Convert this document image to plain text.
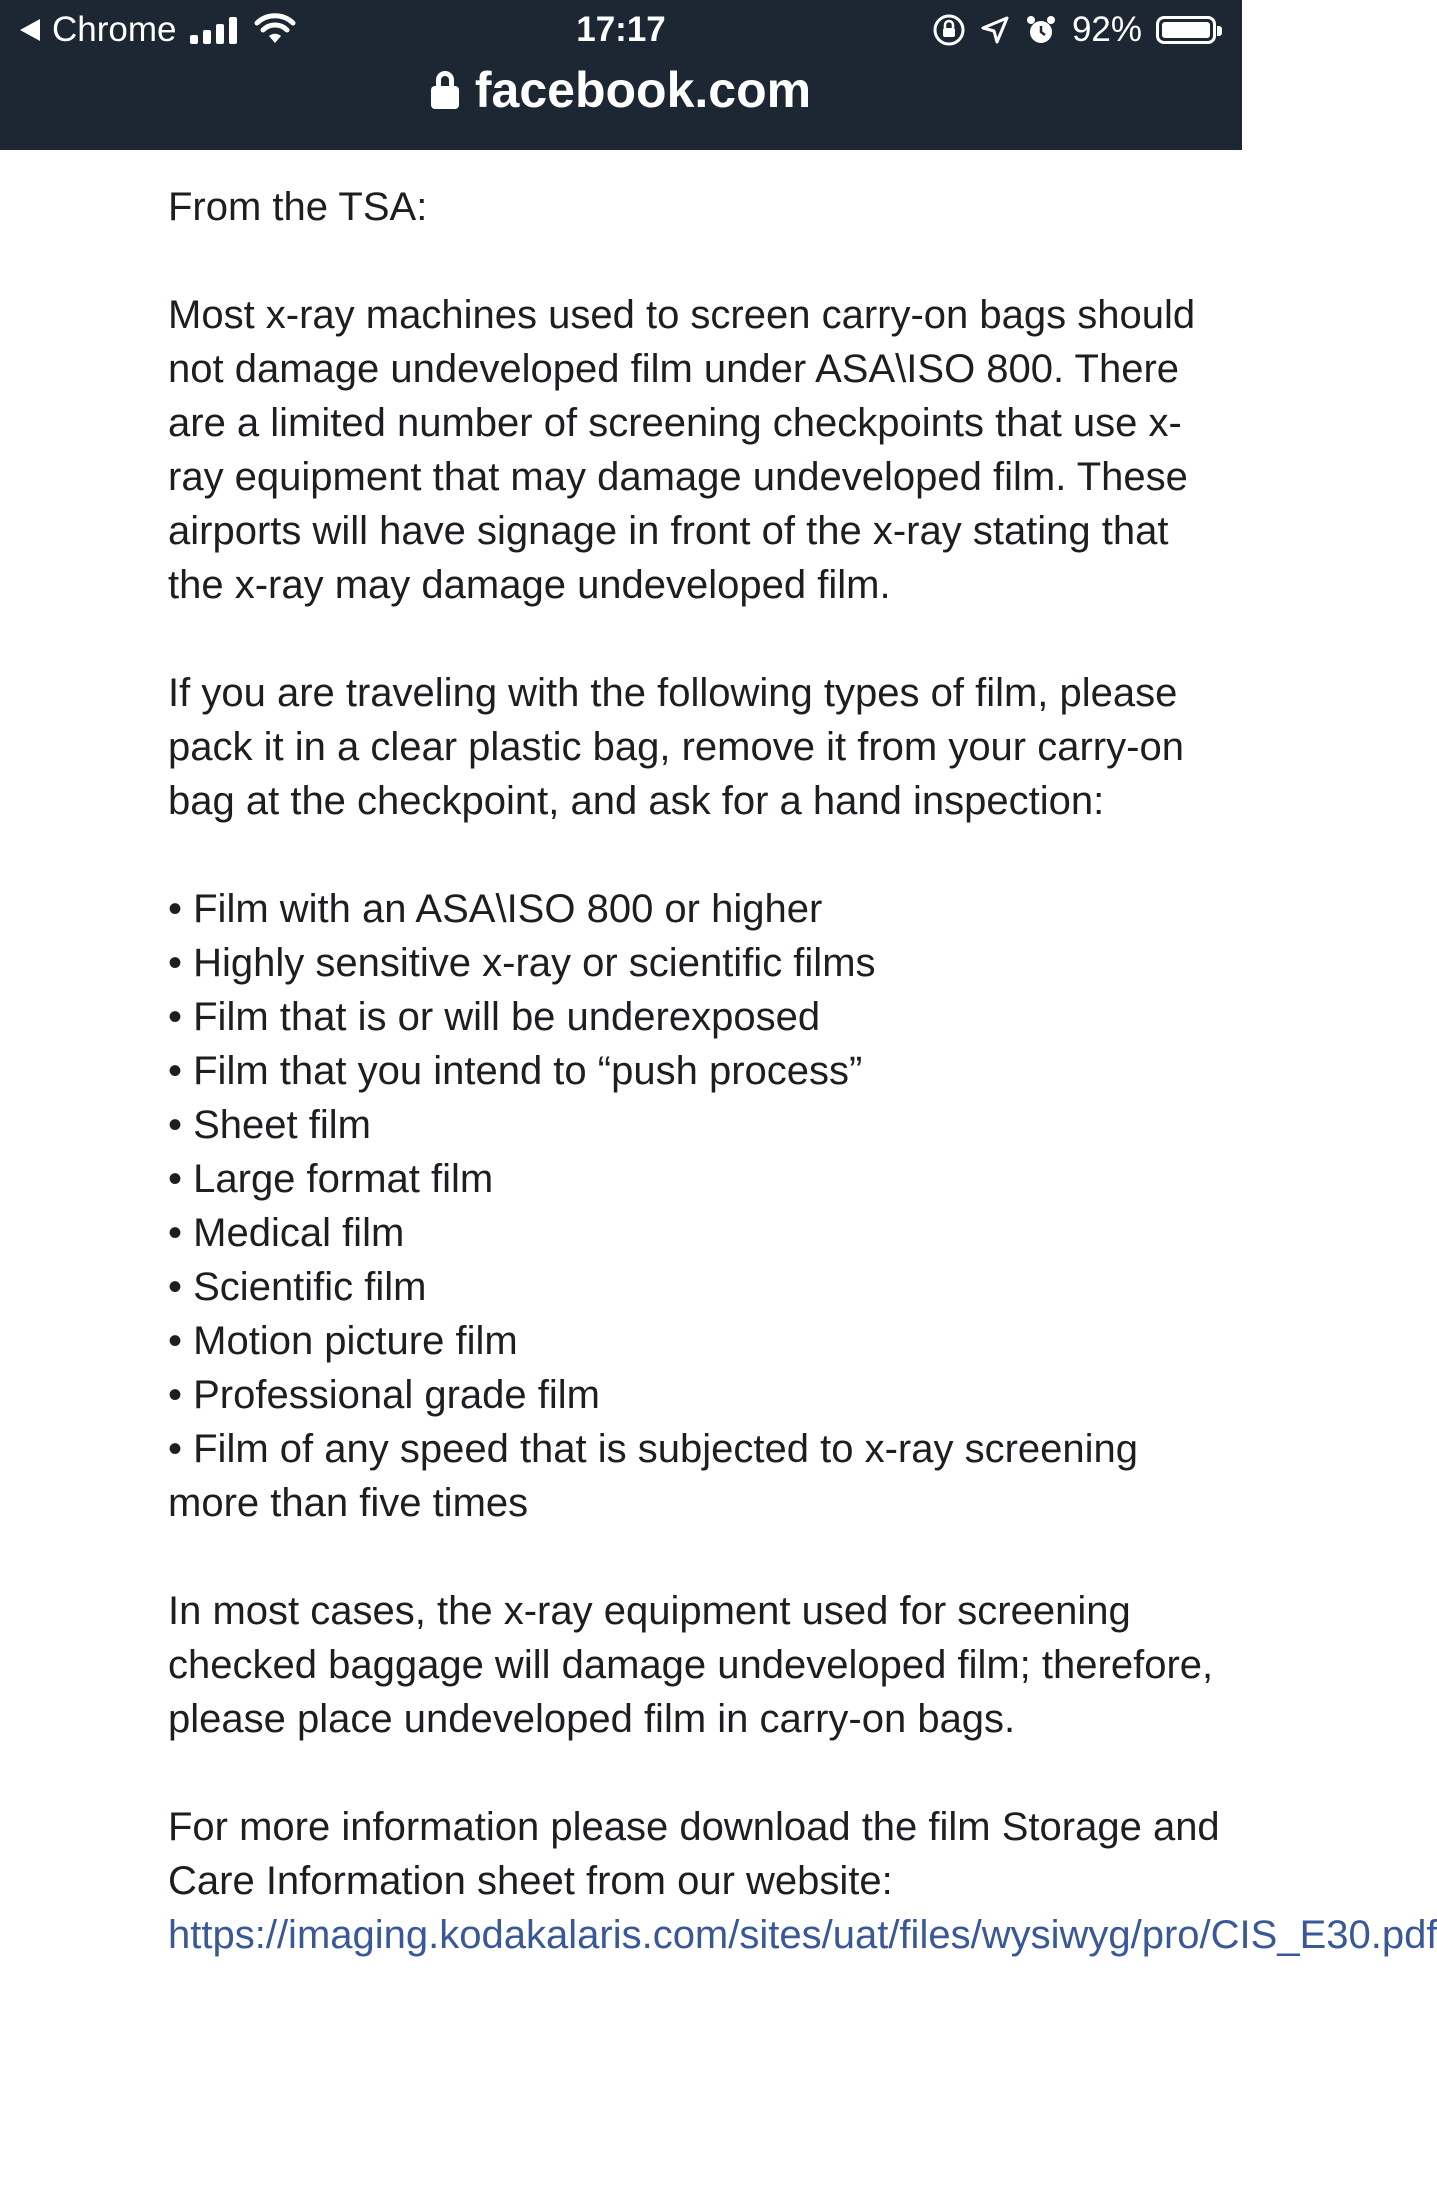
Chrome	17:17	92%
facebook.com

From the TSA:

Most x-ray machines used to screen carry-on bags should not damage undeveloped film under ASA\ISO 800. There are a limited number of screening checkpoints that use x-ray equipment that may damage undeveloped film. These airports will have signage in front of the x-ray stating that the x-ray may damage undeveloped film.

If you are traveling with the following types of film, please pack it in a clear plastic bag, remove it from your carry-on bag at the checkpoint, and ask for a hand inspection:

• Film with an ASA\ISO 800 or higher
• Highly sensitive x-ray or scientific films
• Film that is or will be underexposed
• Film that you intend to “push process”
• Sheet film
• Large format film
• Medical film
• Scientific film
• Motion picture film
• Professional grade film
• Film of any speed that is subjected to x-ray screening more than five times

In most cases, the x-ray equipment used for screening checked baggage will damage undeveloped film; therefore, please place undeveloped film in carry-on bags.

For more information please download the film Storage and Care Information sheet from our website: https://imaging.kodakalaris.com/sites/uat/files/wysiwyg/pro/CIS_E30.pdf
